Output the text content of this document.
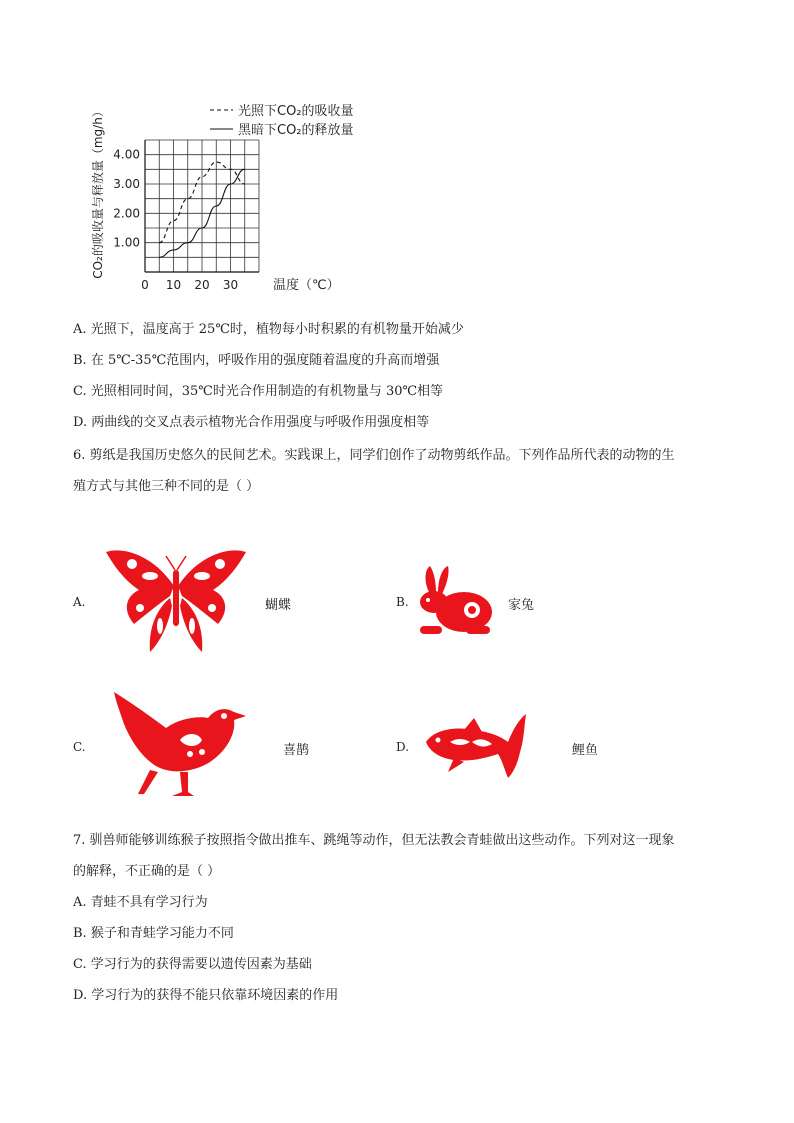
0 10 20 30
1.00
2.00
3.00
4.00
光照下CO₂的吸收量
黑暗下CO₂的释放量
CO₂的吸收量与释放量（mg/h）
温度（℃）
A. 光照下，温度高于 25℃时，植物每小时积累的有机物量开始减少
B. 在 5℃-35℃范围内，呼吸作用的强度随着温度的升高而增强
C. 光照相同时间，35℃时光合作用制造的有机物量与 30℃相等
D. 两曲线的交叉点表示植物光合作用强度与呼吸作用强度相等
6. 剪纸是我国历史悠久的民间艺术。实践课上，同学们创作了动物剪纸作品。下列作品所代表的动物的生
殖方式与其他三种不同的是（ ）
A.	蝴蝶	B.	家兔
C.	喜鹊	D.	鲤鱼
7. 驯兽师能够训练猴子按照指令做出推车、跳绳等动作，但无法教会青蛙做出这些动作。下列对这一现象
的解释，不正确的是（ ）
A. 青蛙不具有学习行为
B. 猴子和青蛙学习能力不同
C. 学习行为的获得需要以遗传因素为基础
D. 学习行为的获得不能只依靠环境因素的作用
